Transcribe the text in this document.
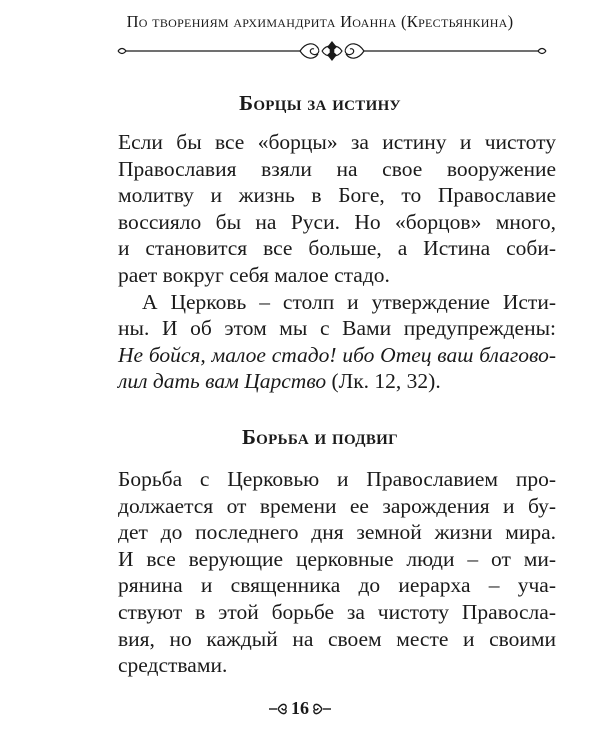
По творениям архимандрита Иоанна (Крестьянкина)
Борцы за истину
Если бы все «борцы» за истину и чистоту
Православия взяли на свое вооружение
молитву и жизнь в Боге, то Православие
воссияло бы на Руси. Но «борцов» много,
и становится все больше, а Истина соби-
рает вокруг себя малое стадо.
А Церковь – столп и утверждение Исти-
ны. И об этом мы с Вами предупреждены:
Не бойся, малое стадо! ибо Отец ваш благово-
лил дать вам Царство (Лк. 12, 32).
Борьба и подвиг
Борьба с Церковью и Православием про-
должается от времени ее зарождения и бу-
дет до последнего дня земной жизни мира.
И все верующие церковные люди – от ми-
рянина и священника до иерарха – уча-
ствуют в этой борьбе за чистоту Правосла-
вия, но каждый на своем месте и своими
средствами.
16
